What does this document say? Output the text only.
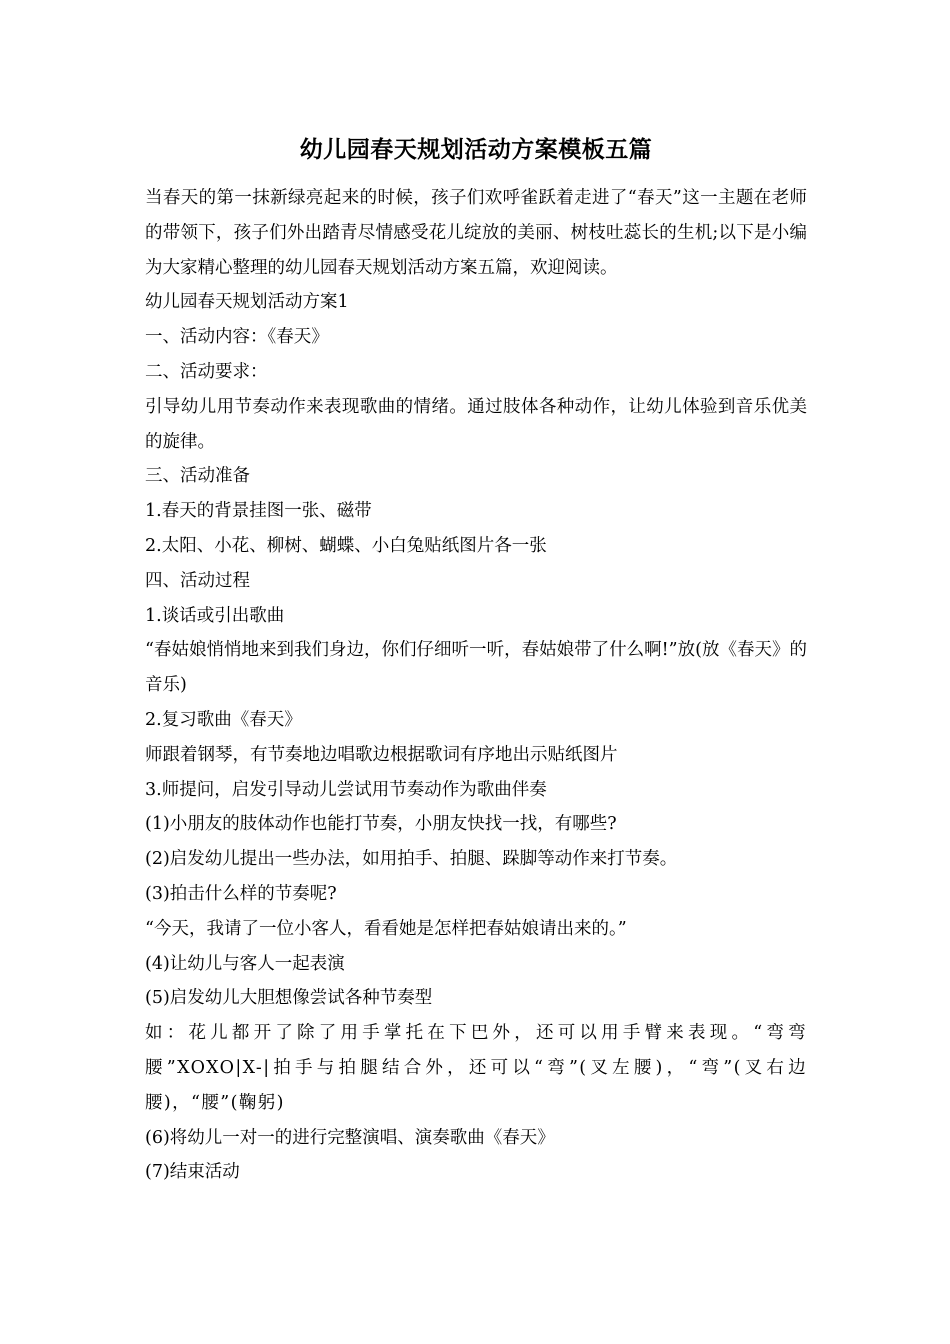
幼儿园春天规划活动方案模板五篇

当春天的第一抹新绿亮起来的时候，孩子们欢呼雀跃着走进了“春天”这一主题在老师的带领下，孩子们外出踏青尽情感受花儿绽放的美丽、树枝吐蕊长的生机;以下是小编为大家精心整理的幼儿园春天规划活动方案五篇，欢迎阅读。

幼儿园春天规划活动方案1

一、活动内容：《春天》

二、活动要求：

引导幼儿用节奏动作来表现歌曲的情绪。通过肢体各种动作，让幼儿体验到音乐优美的旋律。

三、活动准备

1.春天的背景挂图一张、磁带

2.太阳、小花、柳树、蝴蝶、小白兔贴纸图片各一张

四、活动过程

1.谈话或引出歌曲

“春姑娘悄悄地来到我们身边，你们仔细听一听，春姑娘带了什么啊!”放(放《春天》的音乐)

2.复习歌曲《春天》

师跟着钢琴，有节奏地边唱歌边根据歌词有序地出示贴纸图片

3.师提问，启发引导动儿尝试用节奏动作为歌曲伴奏

(1)小朋友的肢体动作也能打节奏，小朋友快找一找，有哪些?

(2)启发幼儿提出一些办法，如用拍手、拍腿、跺脚等动作来打节奏。

(3)拍击什么样的节奏呢?

“今天，我请了一位小客人，看看她是怎样把春姑娘请出来的。”

(4)让幼儿与客人一起表演

(5)启发幼儿大胆想像尝试各种节奏型

如：花儿都开了除了用手掌托在下巴外，还可以用手臂来表现。“弯弯腰”XOXO|X-|拍手与拍腿结合外，还可以“弯”(叉左腰)，“弯”(叉右边腰)，“腰”(鞠躬)

(6)将幼儿一对一的进行完整演唱、演奏歌曲《春天》

(7)结束活动
